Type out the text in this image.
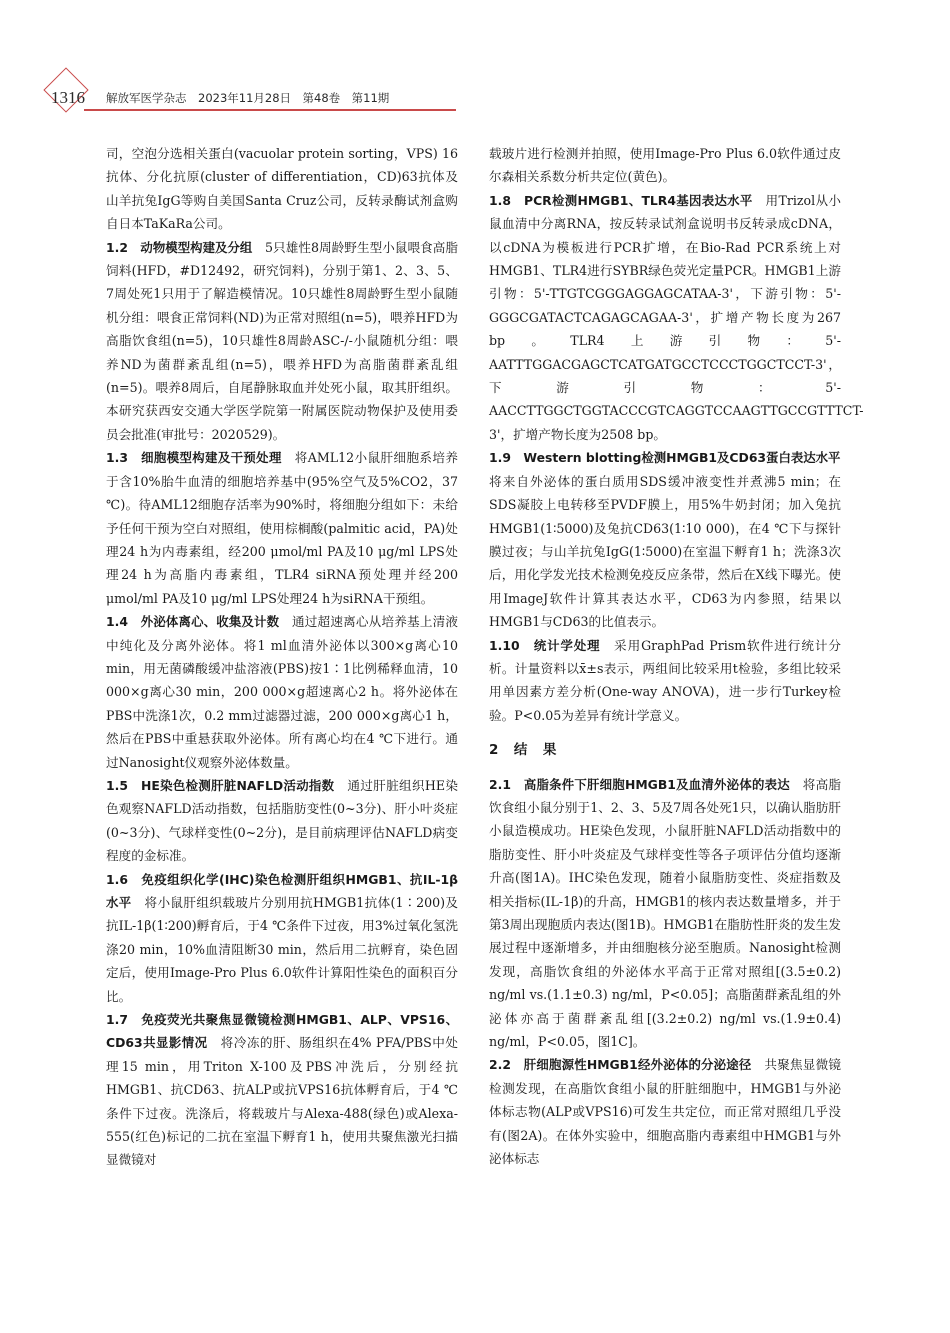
1316	解放军医学杂志　2023年11月28日　第48卷　第11期

司，空泡分选相关蛋白(vacuolar protein sorting，VPS) 16抗体、分化抗原(cluster of differentiation，CD)63抗体及山羊抗兔IgG等购自美国Santa Cruz公司，反转录酶试剂盒购自日本TaKaRa公司。

1.2　动物模型构建及分组　5只雄性8周龄野生型小鼠喂食高脂饲料(HFD，#D12492，研究饲料)，分别于第1、2、3、5、7周处死1只用于了解造模情况。10只雄性8周龄野生型小鼠随机分组：喂食正常饲料(ND)为正常对照组(n=5)，喂养HFD为高脂饮食组(n=5)，10只雄性8周龄ASC-/-小鼠随机分组：喂养ND为菌群紊乱组(n=5)，喂养HFD为高脂菌群紊乱组(n=5)。喂养8周后，自尾静脉取血并处死小鼠，取其肝组织。本研究获西安交通大学医学院第一附属医院动物保护及使用委员会批准(审批号：2020529)。

1.3　细胞模型构建及干预处理　将AML12小鼠肝细胞系培养于含10%胎牛血清的细胞培养基中(95%空气及5%CO2，37 ℃)。待AML12细胞存活率为90%时，将细胞分组如下：未给予任何干预为空白对照组，使用棕榈酸(palmitic acid，PA)处理24 h为内毒素组，经200 μmol/ml PA及10 μg/ml LPS处理24 h为高脂内毒素组，TLR4 siRNA预处理并经200 μmol/ml PA及10 μg/ml LPS处理24 h为siRNA干预组。

1.4　外泌体离心、收集及计数　通过超速离心从培养基上清液中纯化及分离外泌体。将1 ml血清外泌体以300×g离心10 min，用无菌磷酸缓冲盐溶液(PBS)按1∶1比例稀释血清，10 000×g离心30 min，200 000×g超速离心2 h。将外泌体在PBS中洗涤1次，0.2 mm过滤器过滤，200 000×g离心1 h，然后在PBS中重悬获取外泌体。所有离心均在4 ℃下进行。通过Nanosight仪观察外泌体数量。

1.5　HE染色检测肝脏NAFLD活动指数　通过肝脏组织HE染色观察NAFLD活动指数，包括脂肪变性(0~3分)、肝小叶炎症(0~3分)、气球样变性(0~2分)，是目前病理评估NAFLD病变程度的金标准。

1.6　免疫组织化学(IHC)染色检测肝组织HMGB1、抗IL-1β水平　将小鼠肝组织载玻片分别用抗HMGB1抗体(1∶200)及抗IL-1β(1∶200)孵育后，于4 ℃条件下过夜，用3%过氧化氢洗涤20 min，10%血清阻断30 min，然后用二抗孵育，染色固定后，使用Image-Pro Plus 6.0软件计算阳性染色的面积百分比。

1.7　免疫荧光共聚焦显微镜检测HMGB1、ALP、VPS16、CD63共显影情况　将冷冻的肝、肠组织在4% PFA/PBS中处理15 min，用Triton X-100及PBS冲洗后，分别经抗HMGB1、抗CD63、抗ALP或抗VPS16抗体孵育后，于4 ℃条件下过夜。洗涤后，将载玻片与Alexa-488(绿色)或Alexa-555(红色)标记的二抗在室温下孵育1 h，使用共聚焦激光扫描显微镜对

载玻片进行检测并拍照，使用Image-Pro Plus 6.0软件通过皮尔森相关系数分析共定位(黄色)。

1.8　PCR检测HMGB1、TLR4基因表达水平　用Trizol从小鼠血清中分离RNA，按反转录试剂盒说明书反转录成cDNA，以cDNA为模板进行PCR扩增，在Bio-Rad PCR系统上对HMGB1、TLR4进行SYBR绿色荧光定量PCR。HMGB1上游引物：5'-TTGTCGGGAGGAGCATAA-3'，下游引物：5'-GGGCGATACTCAGAGCAGAA-3'，扩增产物长度为267 bp。TLR4上游引物：5'-AATTTGGACGAGCTCATGATGCCTCCCTGGCTCCT-3'，下游引物：5'-AACCTTGGCTGGTACCCGTCAGGTCCAAGTTGCCGTTTCT-3'，扩增产物长度为2508 bp。

1.9　Western blotting检测HMGB1及CD63蛋白表达水平　将来自外泌体的蛋白质用SDS缓冲液变性并煮沸5 min；在SDS凝胶上电转移至PVDF膜上，用5%牛奶封闭；加入兔抗HMGB1(1∶5000)及兔抗CD63(1∶10 000)，在4 ℃下与探针膜过夜；与山羊抗兔IgG(1∶5000)在室温下孵育1 h；洗涤3次后，用化学发光技术检测免疫反应条带，然后在X线下曝光。使用ImageJ软件计算其表达水平，CD63为内参照，结果以HMGB1与CD63的比值表示。

1.10　统计学处理　采用GraphPad Prism软件进行统计分析。计量资料以x̄±s表示，两组间比较采用t检验，多组比较采用单因素方差分析(One-way ANOVA)，进一步行Turkey检验。P<0.05为差异有统计学意义。

2　结　果

2.1　高脂条件下肝细胞HMGB1及血清外泌体的表达　将高脂饮食组小鼠分别于1、2、3、5及7周各处死1只，以确认脂肪肝小鼠造模成功。HE染色发现，小鼠肝脏NAFLD活动指数中的脂肪变性、肝小叶炎症及气球样变性等各子项评估分值均逐渐升高(图1A)。IHC染色发现，随着小鼠脂肪变性、炎症指数及相关指标(IL-1β)的升高，HMGB1的核内表达数量增多，并于第3周出现胞质内表达(图1B)。HMGB1在脂肪性肝炎的发生发展过程中逐渐增多，并由细胞核分泌至胞质。Nanosight检测发现，高脂饮食组的外泌体水平高于正常对照组[(3.5±0.2) ng/ml vs.(1.1±0.3) ng/ml，P<0.05]；高脂菌群紊乱组的外泌体亦高于菌群紊乱组[(3.2±0.2) ng/ml vs.(1.9±0.4) ng/ml，P<0.05，图1C]。

2.2　肝细胞源性HMGB1经外泌体的分泌途径　共聚焦显微镜检测发现，在高脂饮食组小鼠的肝脏细胞中，HMGB1与外泌体标志物(ALP或VPS16)可发生共定位，而正常对照组几乎没有(图2A)。在体外实验中，细胞高脂内毒素组中HMGB1与外泌体标志
